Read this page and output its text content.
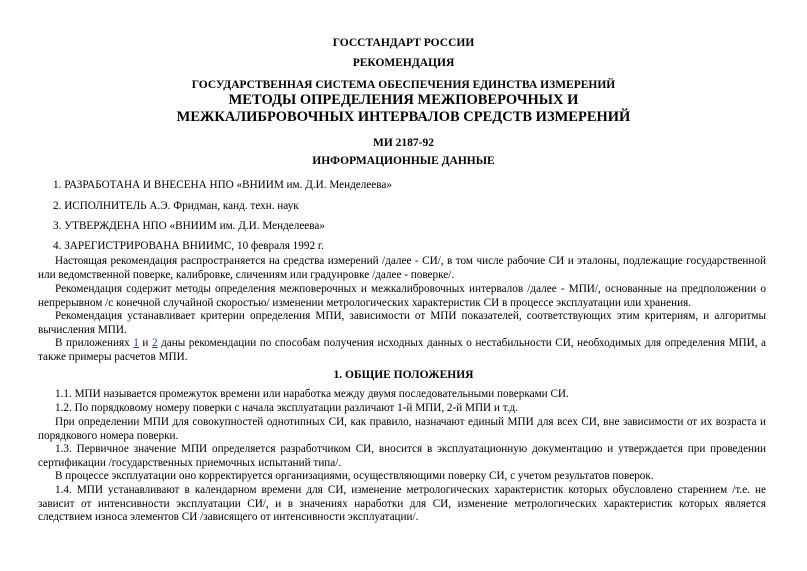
ГОССТАНДАРТ РОССИИ
РЕКОМЕНДАЦИЯ
ГОСУДАРСТВЕННАЯ СИСТЕМА ОБЕСПЕЧЕНИЯ ЕДИНСТВА ИЗМЕРЕНИЙ
МЕТОДЫ ОПРЕДЕЛЕНИЯ МЕЖПОВЕРОЧНЫХ И
МЕЖКАЛИБРОВОЧНЫХ ИНТЕРВАЛОВ СРЕДСТВ ИЗМЕРЕНИЙ
МИ 2187-92
ИНФОРМАЦИОННЫЕ ДАННЫЕ
1. РАЗРАБОТАНА И ВНЕСЕНА НПО «ВНИИМ им. Д.И. Менделеева»
2. ИСПОЛНИТЕЛЬ А.Э. Фридман, канд. техн. наук
3. УТВЕРЖДЕНА НПО «ВНИИМ им. Д.И. Менделеева»
4. ЗАРЕГИСТРИРОВАНА ВНИИМС, 10 февраля 1992 г.

Настоящая рекомендация распространяется на средства измерений /далее - СИ/, в том числе рабочие СИ и эталоны, подлежащие государственной или ведомственной поверке, калибровке, сличениям или градуировке /далее - поверке/.

Рекомендация содержит методы определения межповерочных и межкалибровочных интервалов /далее - МПИ/, основанные на предположении о непрерывном /с конечной случайной скоростью/ изменении метрологических характеристик СИ в процессе эксплуатации или хранения.

Рекомендация устанавливает критерии определения МПИ, зависимости от МПИ показателей, соответствующих этим критериям, и алгоритмы вычисления МПИ.

В приложениях 1 и 2 даны рекомендации по способам получения исходных данных о нестабильности СИ, необходимых для определения МПИ, а также примеры расчетов МПИ.

1. ОБЩИЕ ПОЛОЖЕНИЯ

1.1. МПИ называется промежуток времени или наработка между двумя последовательными поверками СИ.

1.2. По порядковому номеру поверки с начала эксплуатации различают 1-й МПИ, 2-й МПИ и т.д.

При определении МПИ для совокупностей однотипных СИ, как правило, назначают единый МПИ для всех СИ, вне зависимости от их возраста и порядкового номера поверки.

1.3. Первичное значение МПИ определяется разработчиком СИ, вносится в эксплуатационную документацию и утверждается при проведении сертификации /государственных приемочных испытаний типа/.

В процессе эксплуатации оно корректируется организациями, осуществляющими поверку СИ, с учетом результатов поверок.

1.4. МПИ устанавливают в календарном времени для СИ, изменение метрологических характеристик которых обусловлено старением /т.е. не зависит от интенсивности эксплуатации СИ/, и в значениях наработки для СИ, изменение метрологических характеристик которых является следствием износа элементов СИ /зависящего от интенсивности эксплуатации/.
